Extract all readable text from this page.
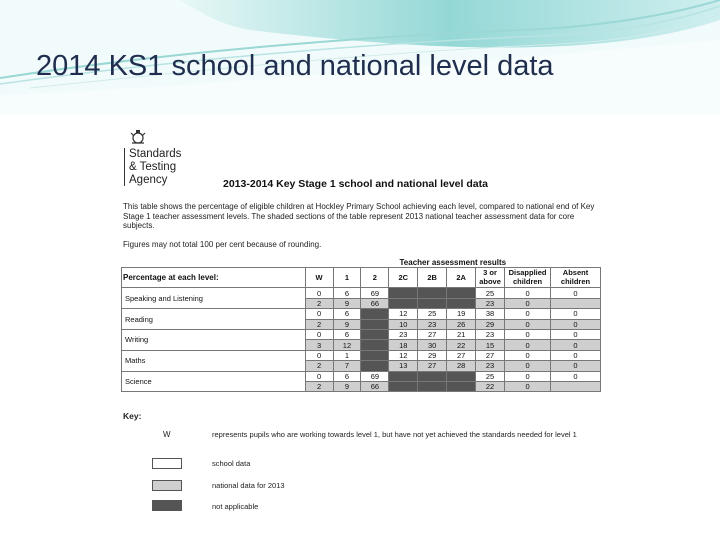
2014 KS1 school and national level data
Standards
& Testing
Agency	2013-2014 Key Stage 1 school and national level data
This table shows the percentage of eligible children at Hockley Primary School achieving each level, compared to national end of Key Stage 1 teacher assessment levels. The shaded sections of the table represent 2013 national teacher assessment data for core subjects.
Figures may not total 100 per cent because of rounding.
	Teacher assessment results								
Percentage at each level:	W	1	2	2C	2B	2A	3 or above	Disapplied children	Absent children
Speaking and Listening	0	6	69				25	0	0
	2	9	66				23	0	
Reading	0	6		12	25	19	38	0	0
	2	9		10	23	26	29	0	0
Writing	0	6		23	27	21	23	0	0
	3	12		18	30	22	15	0	0
Maths	0	1		12	29	27	27	0	0
	2	7		13	27	28	23	0	0
Science	0	6	69				25	0	0
	2	9	66				22	0	
Key:
W	represents pupils who are working towards level 1, but have not yet achieved the standards needed for level 1
school data
national data for 2013
not applicable
